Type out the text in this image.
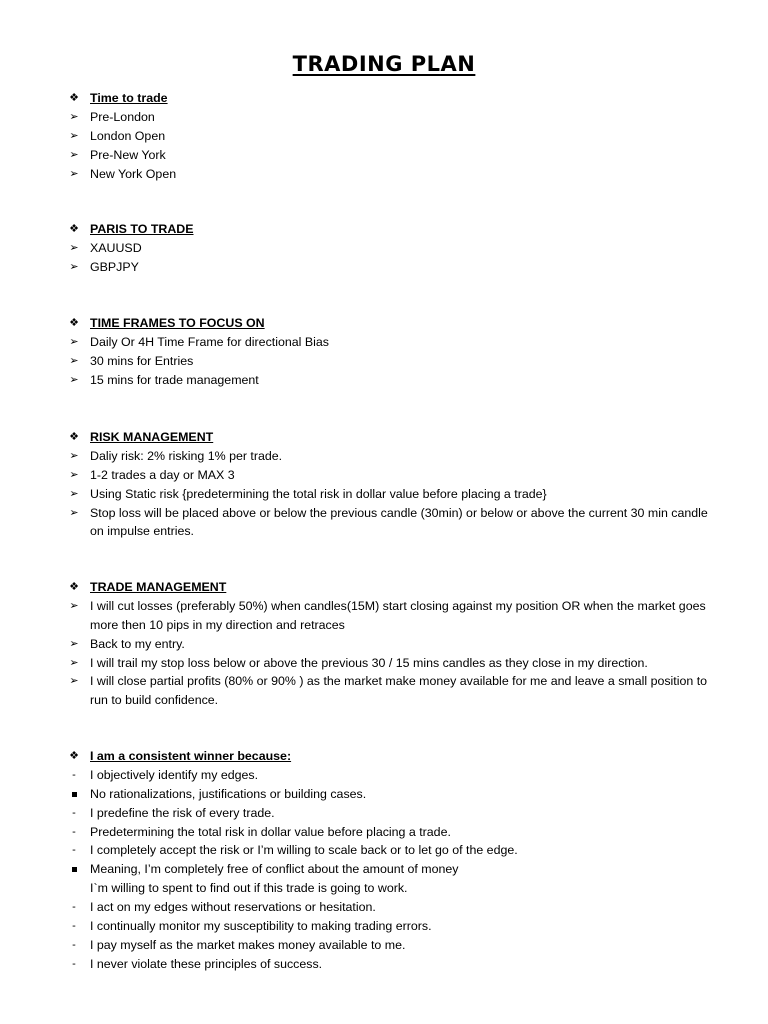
TRADING PLAN
❖ Time to trade
➢ Pre-London
➢ London Open
➢ Pre-New York
➢ New York Open
❖ PARIS TO TRADE
➢ XAUUSD
➢ GBPJPY
❖ TIME FRAMES TO FOCUS ON
➢ Daily Or 4H Time Frame for directional Bias
➢ 30 mins for Entries
➢ 15 mins for trade management
❖ RISK MANAGEMENT
➢ Daliy risk: 2% risking 1% per trade.
➢ 1-2 trades a day or MAX 3
➢ Using Static risk {predetermining the total risk in dollar value before placing a trade}
➢ Stop loss will be placed above or below the previous candle (30min) or below or above the current 30 min candle
on impulse entries.
❖ TRADE MANAGEMENT
➢ I will cut losses (preferably 50%) when candles(15M) start closing against my position OR when the market goes
more then 10 pips in my direction and retraces
➢ Back to my entry.
➢ I will trail my stop loss below or above the previous 30 / 15 mins candles as they close in my direction.
➢ I will close partial profits (80% or 90% ) as the market make money available for me and leave a small position to
run to build confidence.
❖ I am a consistent winner because:
-	I objectively identify my edges.
No rationalizations, justifications or building cases.
-	I predefine the risk of every trade.
-	Predetermining the total risk in dollar value before placing a trade.
-	I completely accept the risk or I’m willing to scale back or to let go of the edge.
Meaning, I’m completely free of conflict about the amount of money
I`m willing to spent to find out if this trade is going to work.
-	I act on my edges without reservations or hesitation.
-	I continually monitor my susceptibility to making trading errors.
-	I pay myself as the market makes money available to me.
-	I never violate these principles of success.
